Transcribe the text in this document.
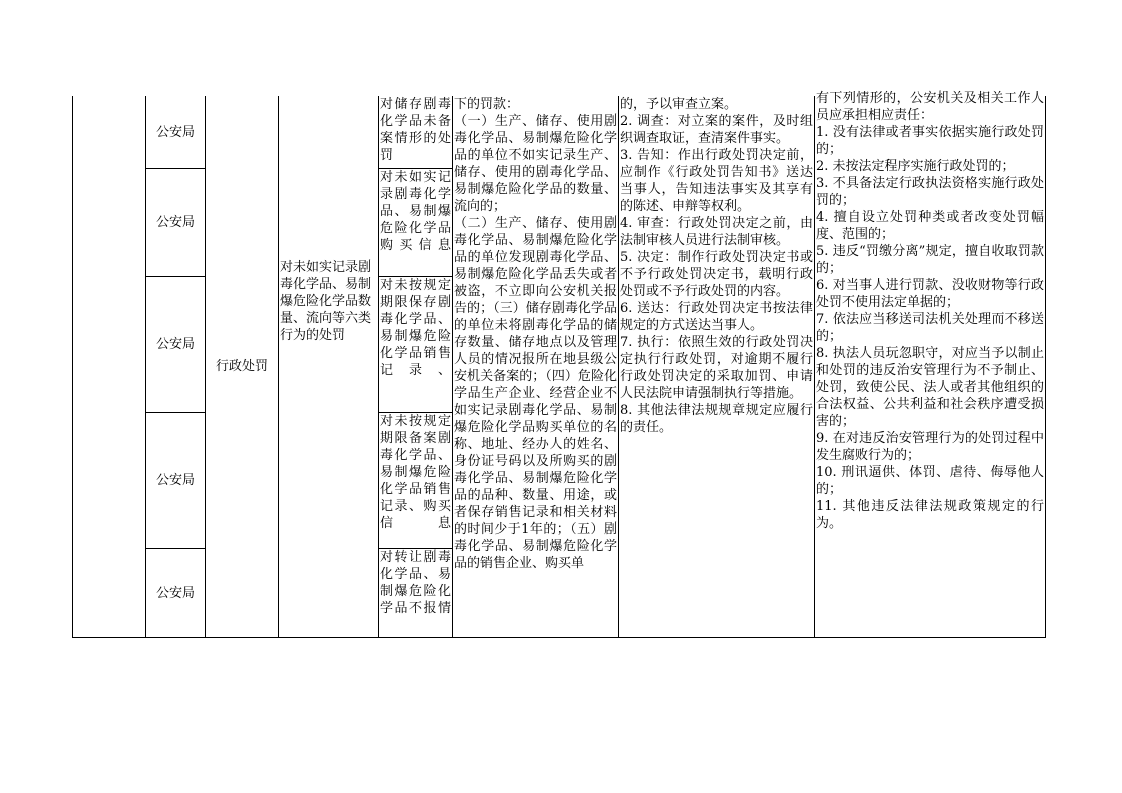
公安局
公安局
公安局
公安局
公安局
行政处罚
对未如实记录剧毒化学品、易制爆危险化学品数量、流向等六类行为的处罚
对储存剧毒化学品未备案情形的处罚
对未如实记录剧毒化学品、易制爆危险化学品购买信息
对未按规定期限保存剧毒化学品、易制爆危险化学品销售记录、
对未按规定期限备案剧毒化学品、易制爆危险化学品销售记录、购买信息
对转让剧毒化学品、易制爆危险化学品不报情
下的罚款：
（一）生产、储存、使用剧毒化学品、易制爆危险化学品的单位不如实记录生产、储存、使用的剧毒化学品、易制爆危险化学品的数量、流向的；
（二）生产、储存、使用剧毒化学品、易制爆危险化学品的单位发现剧毒化学品、易制爆危险化学品丢失或者被盗，不立即向公安机关报告的；（三）储存剧毒化学品的单位未将剧毒化学品的储存数量、储存地点以及管理人员的情况报所在地县级公安机关备案的；（四）危险化学品生产企业、经营企业不如实记录剧毒化学品、易制爆危险化学品购买单位的名称、地址、经办人的姓名、身份证号码以及所购买的剧毒化学品、易制爆危险化学品的品种、数量、用途，或者保存销售记录和相关材料的时间少于1年的；（五）剧毒化学品、易制爆危险化学品的销售企业、购买单
的，予以审查立案。
2. 调查：对立案的案件，及时组织调查取证，查清案件事实。
3. 告知：作出行政处罚决定前，应制作《行政处罚告知书》送达当事人，告知违法事实及其享有的陈述、申辩等权利。
4. 审查：行政处罚决定之前，由法制审核人员进行法制审核。
5. 决定：制作行政处罚决定书或不予行政处罚决定书，载明行政处罚或不予行政处罚的内容。
6. 送达：行政处罚决定书按法律规定的方式送达当事人。
7. 执行：依照生效的行政处罚决定执行行政处罚，对逾期不履行行政处罚决定的采取加罚、申请人民法院申请强制执行等措施。
8. 其他法律法规规章规定应履行的责任。
有下列情形的，公安机关及相关工作人员应承担相应责任：
1. 没有法律或者事实依据实施行政处罚的；
2. 未按法定程序实施行政处罚的；
3. 不具备法定行政执法资格实施行政处罚的；
4. 擅自设立处罚种类或者改变处罚幅度、范围的；
5. 违反“罚缴分离”规定，擅自收取罚款的；
6. 对当事人进行罚款、没收财物等行政处罚不使用法定单据的；
7. 依法应当移送司法机关处理而不移送的；
8. 执法人员玩忽职守，对应当予以制止和处罚的违反治安管理行为不予制止、处罚，致使公民、法人或者其他组织的合法权益、公共利益和社会秩序遭受损害的；
9. 在对违反治安管理行为的处罚过程中发生腐败行为的；
10. 刑讯逼供、体罚、虐待、侮辱他人的；
11. 其他违反法律法规政策规定的行为。
